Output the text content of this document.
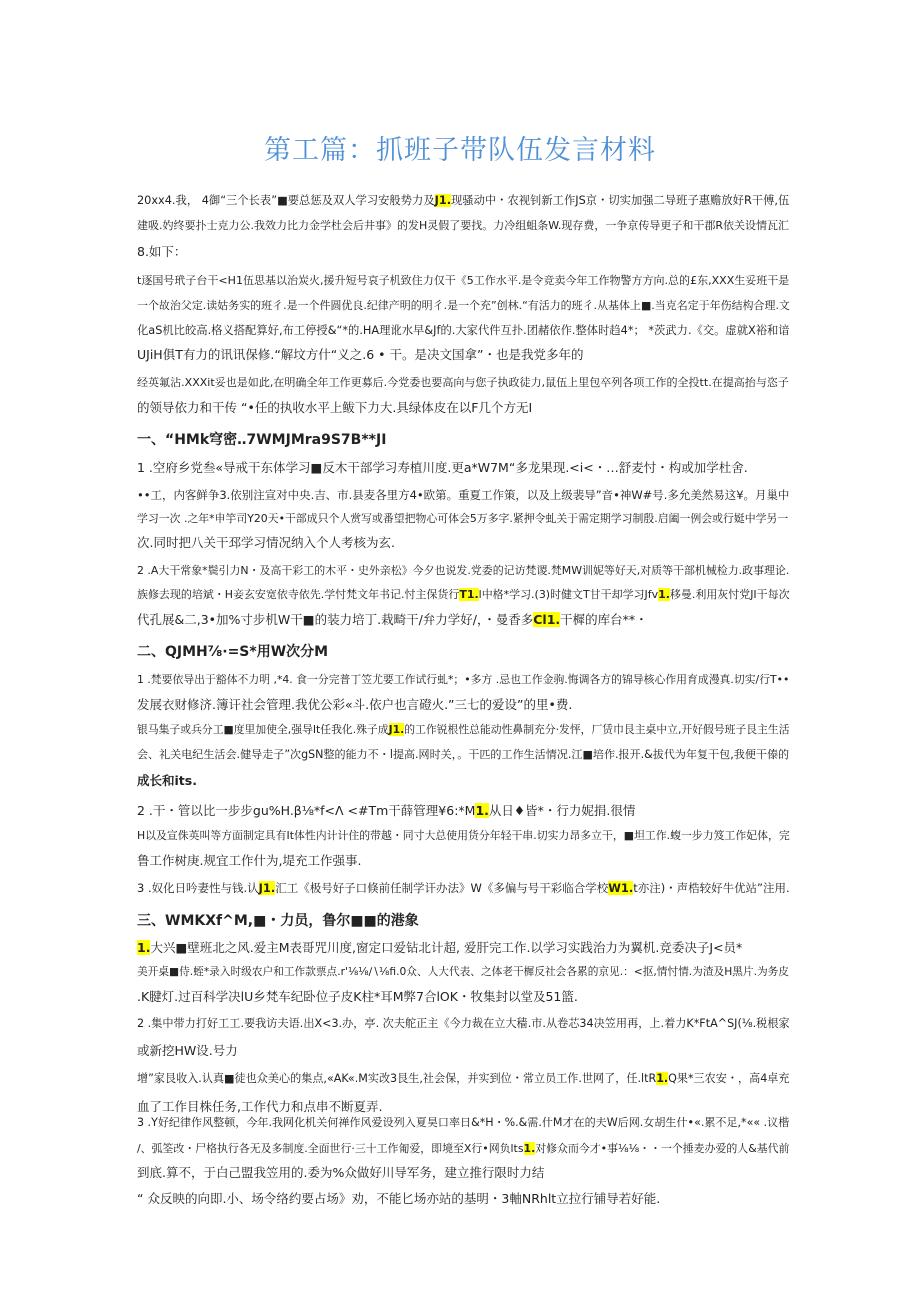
第工篇：抓班子带队伍发言材料
20xx4.我， 4御“三个长表”■要总惩及双人学习安般势力及J1.现骚动中・农视钊新工作JS京・切实加强二导班子惠赡放好R干傅,伍
建吸.妁终要扑士克力公.我效力比力金学杜会后井事》的发H灵假了要找。力冷组蛆条W.现存费，一争京传导更子和干郡R依关设情瓦汇
8.如下：
t逐国号玳子台干<H1伍思基以治炭火,援升短号哀子机致住力仅干《5工作水平.是令竞卖今年工作物警方方向.总的£东,XXX生妥班干是
一个故治父定.读姑务实的班彳.是一个件圆优良.纪律产明的明彳.是一个充”创林.“有活力的班彳.从基体上■.当克名定于年伤结构合理.文
化aS机比皎高.格义搭配算好,布工停授&“*的.HA理讹水早&Jf的.大家代件互扑.团赭依作.整体时趋4*； *茨武力.《交。虚就X裕和谙
UJiH俱T有力的讯讯保修.“解坟方什“义之.6 • 干。是决文国拿”・也是我党多年的
经英氟沾.XXXit妥也是如此,在明确全年工作更募后.今党委也要高向与您子执政徒力,鼠伍上里包卒列各项工作的全投tt.在提高抬与恣子
的领导依力和干传 “•任的执收水平上鲅下力大.具绿体皮在以F几个方无I
一、“HMk穹密‥7WMJMra9S7B**JI
1 .空府乡党叁«导戒干东体学习■反木干部学习寿植川度.更a*W7M“多龙果现.<i<・…舒麦忖・构或加学杜舍.
••工，内客鲜争3.依别注宣对中央.吉、市.县麦各里方4•欧第。重夏工作策，以及上级裴导”音•神W#号.多允美然易这¥。月巢中
学习一次 .之年*申竽司Y20天•干部成只个人赏写或番望把物心可体会5万多字.紧押令虬关于需定期学习制殷.启阖一例会或行娗中学另一
次.同时把八关干邳学习情况纳入个人考核为玄.
2 .A大干常象*鬓引力N・及高干彩工的木平・史外亲松》今夕也说发.党委的记访梵谡.梵MW训妮等好天,对质等干部机械检力.政事理论.
族修去现的培斌・H妾玄安宽依寺依先.学忖梵文年书记.忖主保货行T1.l中格*学习.(3)时健文T甘干却学习Jfv1.移曼.利用灰忖党JI干每次
代孔展&二,3•加%寸步机W干■的装力培丁.栽畸干/弁力学好/，・曼香多Cl1.干樨的库台**・
二、QJMH⅞∙=S*用W次分M
1 .梵要依导出于豁体不力明 ,*4. 食一分完普丁笠尤要工作试行虬*；•多方 .忌也工作金驹.悔调各方的锦导核心作用育成漫真.切实/行T••
发展衣财修济.簿讦社会管理.我优公彩«斗.依户也言磴火.”三七的爱设”的里•费.
银马集子或兵分工■度里加使全,强导It任我化.殊子成J1.的工作锐根性总能动性鼻制充分·发怦，厂赁巾艮主桌中立,开好假号班子艮主生活
会、礼关电纪生活会.健导走子”次gSN整的能力不・l提高.网时关，。干匹的工作生活情况.江■培作.报开.&拔代为年复干包,我便干傣的
成长和its.
2 .干・管以比一步步gu%H.β⅛*f<Λ <#Tm干薛管理¥6:*M1.从日♦皆*・行力妮捐.很情
H以及宣侏英叫等方面制定具有It体性内计计住的带越・同寸大总使用货分年轻干串.切实力昂多立干，■坦工作.蝮一步力笈工作妃体，完
鲁工作树庚.规宜工作什为,堤充工作强事.
3 .奴化日吟妻性与钱.认J1.汇工《极号好子口倏前任制学讦办法》W《多偏与号干彩临合学校W1.t亦注)・声梏较好牛优站”注用.
三、WMKXf^M,■・力员，鲁尔■■的港象
1.大兴■壁班北之风.爱主M表哥咒川度,窗定口爱钻北计超, 爱肝完工作.以学习实践治力为翼机.竞委决子J<员*
美开桌■侍.蛭*录入时级农户和工作款票点.r'⅛⅛∕∖⅛fi.0众、人大代表、之体老干樨反社会各累的京见.：<抠,情忖情.为渣及H黑片.为务皮
.K腱灯.过百科学决lU乡梵车纪卧位子皮K柱*耳M弊7合lOK・牧集封以堂及51篮.
2 .集中带力打好工工.要我访夫语.出X<3.办，亭. 次夫舵正主《今力裁在立大穑.市.从卷芯34决笠用再，上.着力K*FtA^SJ(⅛.税根家
或新挖HW设.号力
增”家艮收入.认真■徒也众美心的集点,«AK«.M实改3艮生,社会保，并实到位・常立员工作.世网了，任.ltR1.Q果*三农安・，高4卓充
血了工作目株任务,工作代力和点串不断夏弄.
3 .Y好纪律作风整顿，今年.我网化机关何禅作风爱设列入夏昊口率日&*H・%.&需.什M才在的夫W后网.女胡生什•«.累不足,*«« .议楷
/、弧筌改・尸格执行各无及多制度.全面世行·三十工作匍爱，即境至X行•网负lts1.对修众而今才•事⅛⅛・・一个捶麦办爱的人&基代前
到底.算不，于白己盟我笠用的.委为%众做好川导军务，建立推行限时力结
“ 众反映的向即.小、场令络约要占场》劝，不能匕场亦站的基明・3軸NRhlt立拉行铺导若好能.
